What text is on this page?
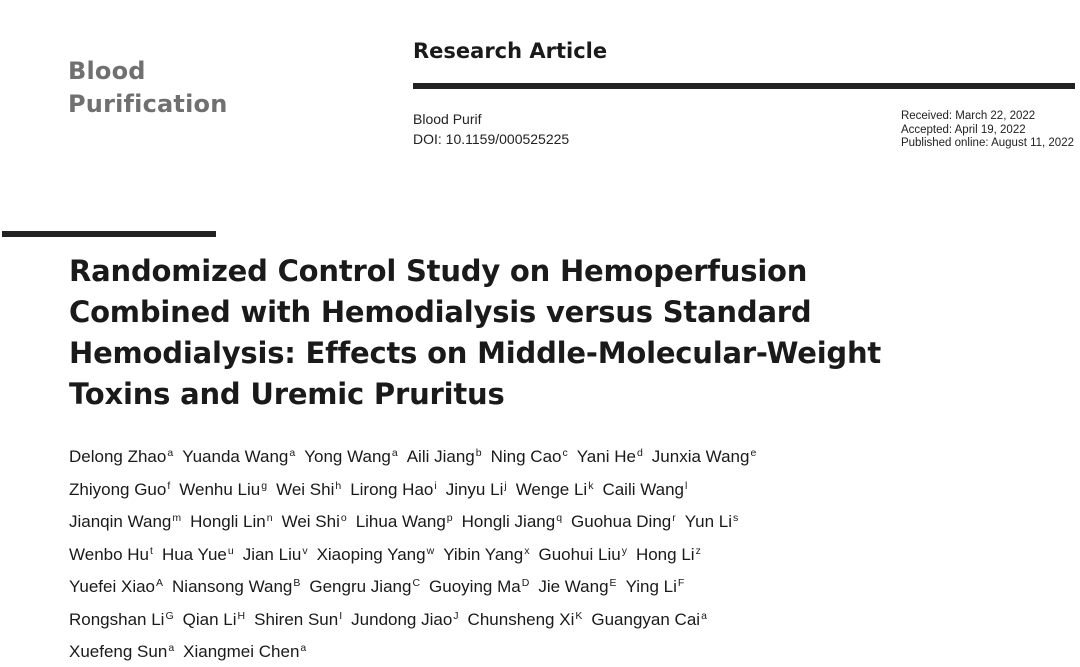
Blood
Purification
Research Article
Blood Purif
DOI: 10.1159/000525225
Received: March 22, 2022
Accepted: April 19, 2022
Published online: August 11, 2022
Randomized Control Study on Hemoperfusion
Combined with Hemodialysis versus Standard
Hemodialysis: Effects on Middle-Molecular-Weight
Toxins and Uremic Pruritus
Delong Zhao$^a$ Yuanda Wang$^a$ Yong Wang$^a$ Aili Jiang$^b$ Ning Cao$^c$ Yani He$^d$ Junxia Wang$^e$
Zhiyong Guo$^f$ Wenhu Liu$^g$ Wei Shi$^h$ Lirong Hao$^i$ Jinyu Li$^j$ Wenge Li$^k$ Caili Wang$^l$
Jianqin Wang$^m$ Hongli Lin$^n$ Wei Shi$^o$ Lihua Wang$^p$ Hongli Jiang$^q$ Guohua Ding$^r$ Yun Li$^s$
Wenbo Hu$^t$ Hua Yue$^u$ Jian Liu$^v$ Xiaoping Yang$^w$ Yibin Yang$^x$ Guohui Liu$^y$ Hong Li$^z$
Yuefei Xiao$^A$ Niansong Wang$^B$ Gengru Jiang$^C$ Guoying $Ma^D$ Jie Wang$^E$ Ying $Li^F$
Rongshan $Li^G$ Qian $Li^H$ Shiren Sun$^I$ Jundong Jiao$^J$ Chunsheng $Xi^K$ Guangyan Cai$^a$
Xuefeng Sun$^a$ Xiangmei Chen$^a$
